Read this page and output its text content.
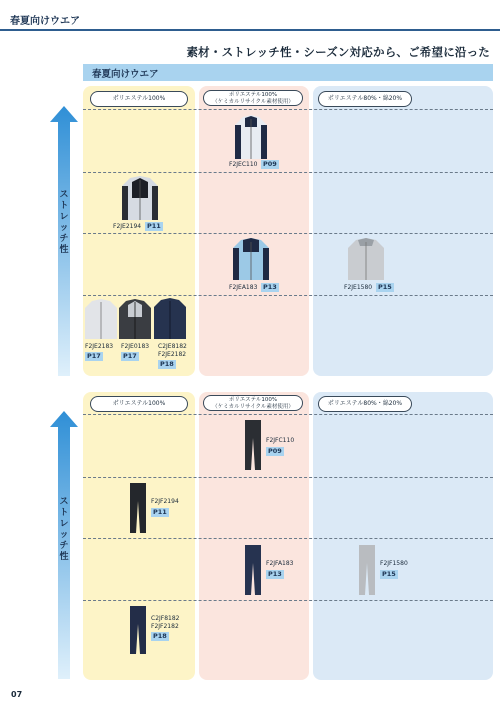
春夏向けウエア
素材・ストレッチ性・シーズン対応から、ご希望に沿った
春夏向けウエア
ポリエステル100%	ポリエステル100%
（ケミカルリサイクル素材使用）	ポリエステル80%・綿20%
ス
ト
レ
ッ
チ
性
F2JEC110 P09
F2JE2194 P11
F2JEA183 P13	F2JE1580 P15
F2JE2183
P17
F2JE0183
P17
C2JE8182
F2JE2182
P18
ポリエステル100%	ポリエステル100%
（ケミカルリサイクル素材使用）	ポリエステル80%・綿20%
ス
ト
レ
ッ
チ
性
F2JFC110
P09
F2JF2194
P11
F2JFA183
P13
F2JF1580
P15
C2JF8182
F2JF2182
P18
07
